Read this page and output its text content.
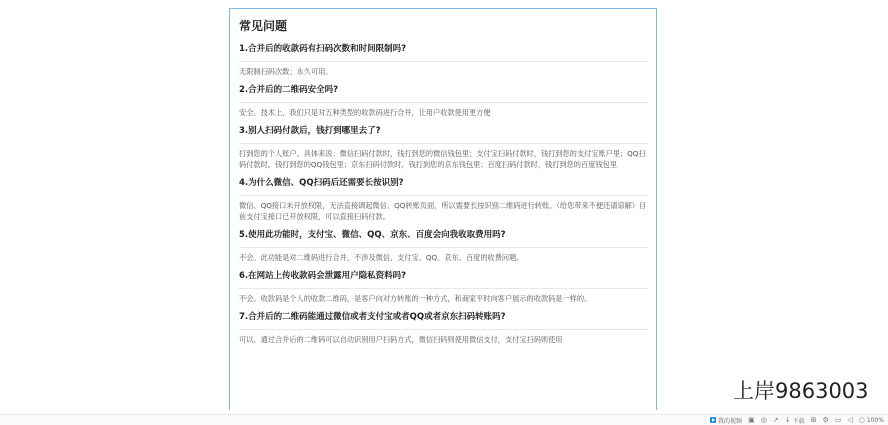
常见问题
1.合并后的收款码有扫码次数和时间限制吗?
无限制扫码次数；永久可用。
2.合并后的二维码安全吗?
安全。技术上，我们只是对五种类型的收款码进行合并，让用户收款使用更方便
3.别人扫码付款后，钱打到哪里去了?
打到您的个人账户。具体来说：微信扫码付款时，钱打到您的微信钱包里；支付宝扫码付款时，钱打到您的支付宝账户里；QQ扫码付款时，钱打到您的QQ钱包里；京东扫码付款时，钱打到您的京东钱包里；百度扫码付款时，钱打到您的百度钱包里
4.为什么微信、QQ扫码后还需要长按识别?
微信、QQ接口未开放权限，无法直接调起微信、QQ转账页面，所以需要长按识别二维码进行转账。（给您带来不便还请谅解）目前支付宝接口已开放权限，可以直接扫码付款。
5.使用此功能时，支付宝、微信、QQ、京东、百度会向我收取费用吗?
不会。此功能是对二维码进行合并，不涉及微信、支付宝、QQ、京东、百度的收费问题。
6.在网站上传收款码会泄露用户隐私资料吗?
不会。收款码是个人的收款二维码，是客户向对方转账的一种方式，和商家平时向客户展示的收款码是一样的。
7.合并后的二维码能通过微信或者支付宝或者QQ或者京东扫码转账吗?
可以。通过合并后的二维码可以自动识别用户扫码方式，微信扫码则使用微信支付，支付宝扫码则使用
上岸9863003
我的视频 ▣ ◎ ↗ ↓ 下载 ⊞ ⚙ ▭ ◁ ○ 100%
